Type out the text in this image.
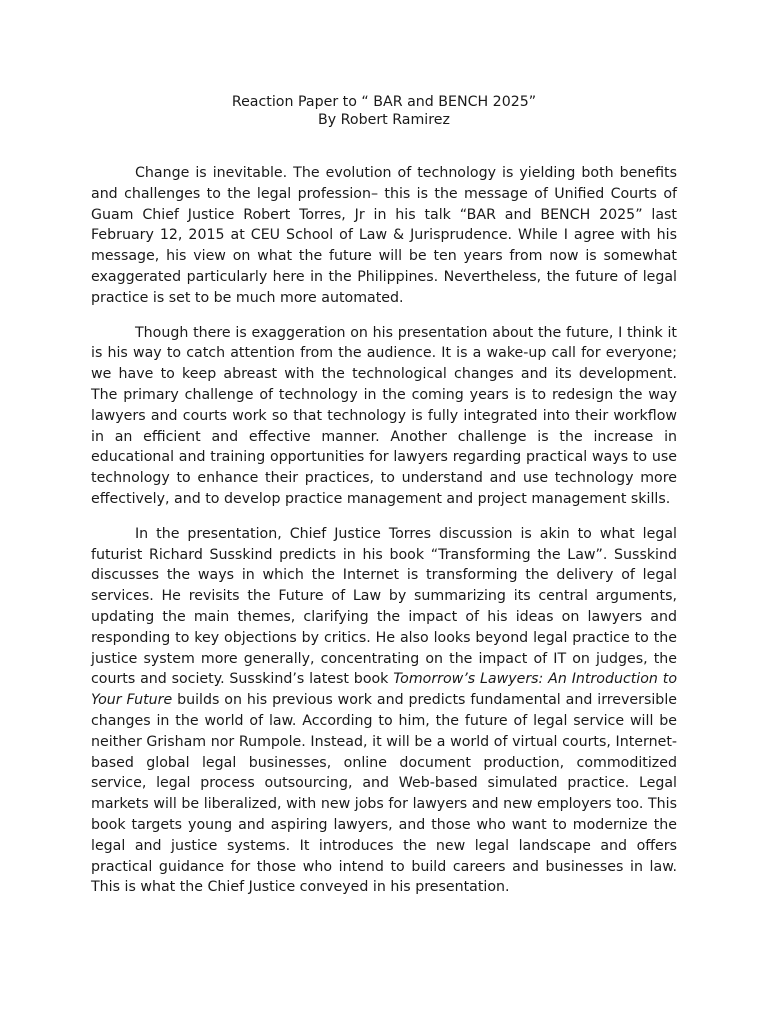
Reaction Paper to “ BAR and BENCH 2025”
By Robert Ramirez

Change is inevitable. The evolution of technology is yielding both benefits and challenges to the legal profession– this is the message of Unified Courts of Guam Chief Justice Robert Torres, Jr in his talk “BAR and BENCH 2025” last February 12, 2015 at CEU School of Law & Jurisprudence. While I agree with his message, his view on what the future will be ten years from now is somewhat exaggerated particularly here in the Philippines. Nevertheless, the future of legal practice is set to be much more automated.

Though there is exaggeration on his presentation about the future, I think it is his way to catch attention from the audience. It is a wake-up call for everyone; we have to keep abreast with the technological changes and its development. The primary challenge of technology in the coming years is to redesign the way lawyers and courts work so that technology is fully integrated into their workflow in an efficient and effective manner. Another challenge is the increase in educational and training opportunities for lawyers regarding practical ways to use technology to enhance their practices, to understand and use technology more effectively, and to develop practice management and project management skills.

In the presentation, Chief Justice Torres discussion is akin to what legal futurist Richard Susskind predicts in his book “Transforming the Law”. Susskind discusses the ways in which the Internet is transforming the delivery of legal services. He revisits the Future of Law by summarizing its central arguments, updating the main themes, clarifying the impact of his ideas on lawyers and responding to key objections by critics. He also looks beyond legal practice to the justice system more generally, concentrating on the impact of IT on judges, the courts and society. Susskind’s latest book Tomorrow’s Lawyers: An Introduction to Your Future builds on his previous work and predicts fundamental and irreversible changes in the world of law. According to him, the future of legal service will be neither Grisham nor Rumpole. Instead, it will be a world of virtual courts, Internet-based global legal businesses, online document production, commoditized service, legal process outsourcing, and Web-based simulated practice. Legal markets will be liberalized, with new jobs for lawyers and new employers too. This book targets young and aspiring lawyers, and those who want to modernize the legal and justice systems. It introduces the new legal landscape and offers practical guidance for those who intend to build careers and businesses in law. This is what the Chief Justice conveyed in his presentation.
